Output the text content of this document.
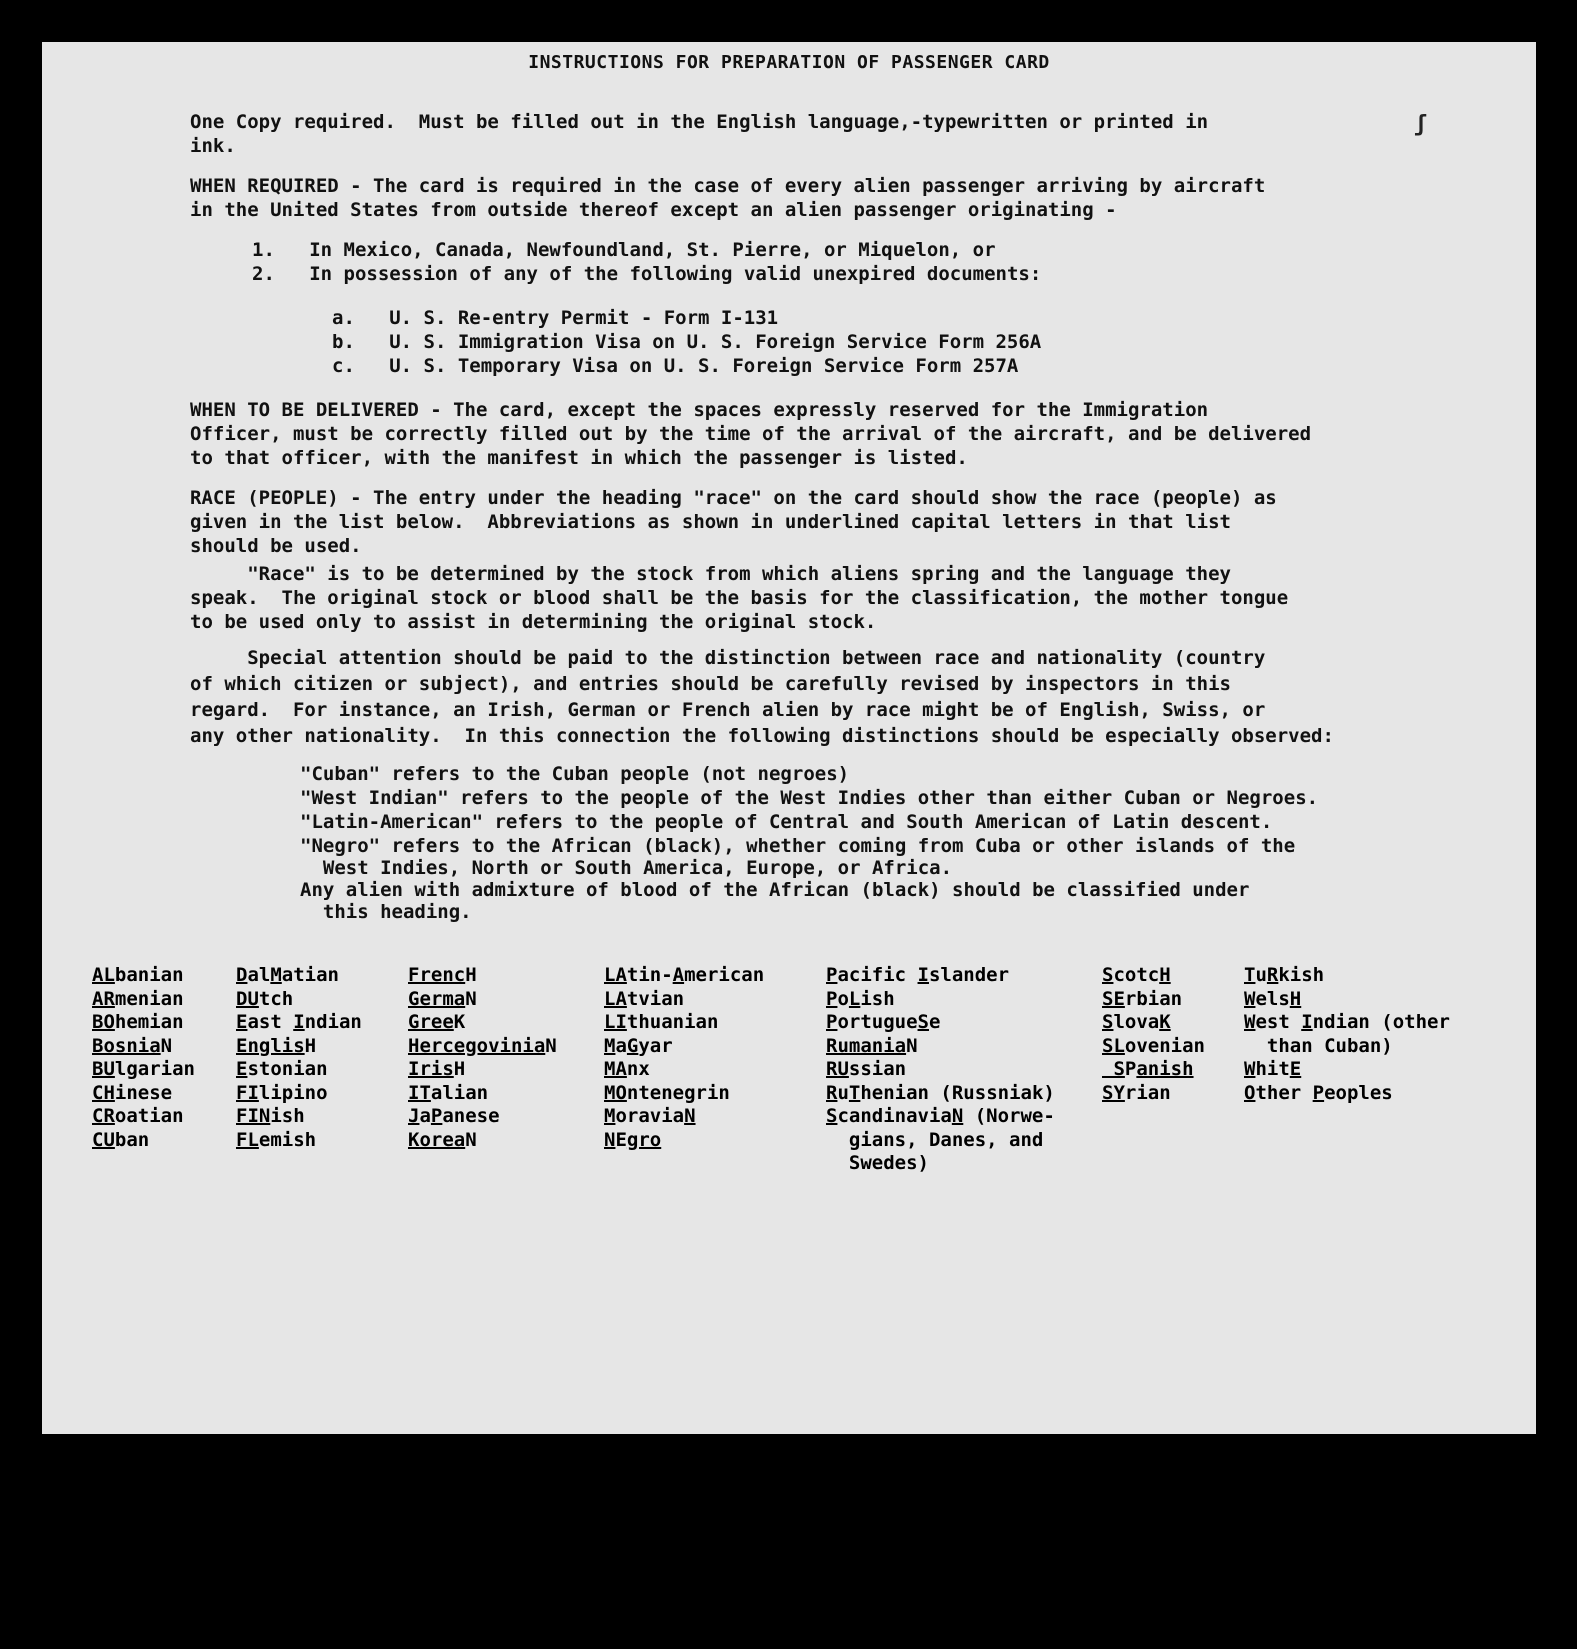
INSTRUCTIONS FOR PREPARATION OF PASSENGER CARD

One Copy required.  Must be filled out in the English language,-typewritten or printed in

ink.

ʃ

WHEN REQUIRED - The card is required in the case of every alien passenger arriving by aircraft

in the United States from outside thereof except an alien passenger originating -

1.   In Mexico, Canada, Newfoundland, St. Pierre, or Miquelon, or

2.   In possession of any of the following valid unexpired documents:

a.   U. S. Re-entry Permit - Form I-131

b.   U. S. Immigration Visa on U. S. Foreign Service Form 256A

c.   U. S. Temporary Visa on U. S. Foreign Service Form 257A

WHEN TO BE DELIVERED - The card, except the spaces expressly reserved for the Immigration

Officer, must be correctly filled out by the time of the arrival of the aircraft, and be delivered

to that officer, with the manifest in which the passenger is listed.

RACE (PEOPLE) - The entry under the heading "race" on the card should show the race (people) as

given in the list below.  Abbreviations as shown in underlined capital letters in that list

should be used.

"Race" is to be determined by the stock from which aliens spring and the language they

speak.  The original stock or blood shall be the basis for the classification, the mother tongue

to be used only to assist in determining the original stock.

Special attention should be paid to the distinction between race and nationality (country

of which citizen or subject), and entries should be carefully revised by inspectors in this

regard.  For instance, an Irish, German or French alien by race might be of English, Swiss, or

any other nationality.  In this connection the following distinctions should be especially observed:

"Cuban" refers to the Cuban people (not negroes)

"West Indian" refers to the people of the West Indies other than either Cuban or Negroes.

"Latin-American" refers to the people of Central and South American of Latin descent.

"Negro" refers to the African (black), whether coming from Cuba or other islands of the

West Indies, North or South America, Europe, or Africa.

Any alien with admixture of blood of the African (black) should be classified under

this heading.

ALbanian
ARmenian
BOhemian
BosniaN
BUlgarian
CHinese
CRoatian
CUban
DalMatian
DUtch
East Indian
EnglisH
Estonian
FIlipino
FINish
FLemish
FrencH
GermaN
GreeK
HercegoviniaN
IrisH
ITalian
JaPanese
KoreaN
LAtin-American
LAtvian
LIthuanian
MaGyar
MAnx
MOntenegrin
MoraviaN
NEgro
Pacific Islander
PoLish
PortugueSe
RumaniaN
RUssian
RuThenian (Russniak)
ScandinaviaN (Norwe-
gians, Danes, and
Swedes)
ScotcH
SErbian
SlovaK
SLovenian
SPanish
SYrian
TuRkish
WelsH
West Indian (other
than Cuban)
WhitE
Other Peoples
